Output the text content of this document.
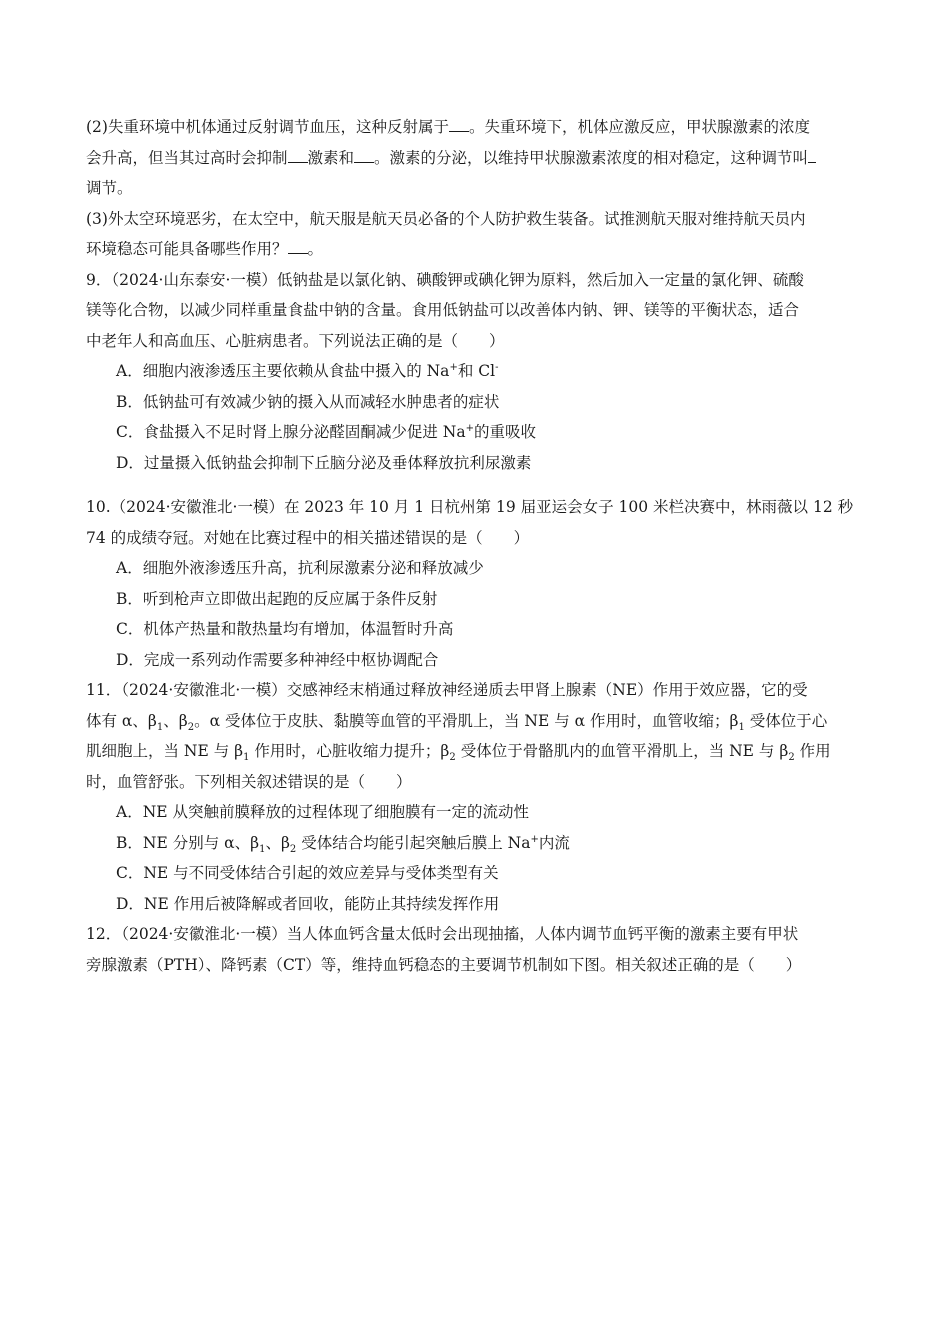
(2)失重环境中机体通过反射调节血压，这种反射属于 。失重环境下，机体应激反应，甲状腺激素的浓度
会升高，但当其过高时会抑制 激素和 。激素的分泌，以维持甲状腺激素浓度的相对稳定，这种调节叫
调节。

(3)外太空环境恶劣，在太空中，航天服是航天员必备的个人防护救生装备。试推测航天服对维持航天员内
环境稳态可能具备哪些作用？ 。

9．（2024·山东泰安·一模）低钠盐是以氯化钠、碘酸钾或碘化钾为原料，然后加入一定量的氯化钾、硫酸
镁等化合物，以减少同样重量食盐中钠的含量。食用低钠盐可以改善体内钠、钾、镁等的平衡状态，适合
中老年人和高血压、心脏病患者。下列说法正确的是（　　）

A．细胞内液渗透压主要依赖从食盐中摄入的 Na+和 Cl-

B．低钠盐可有效减少钠的摄入从而减轻水肿患者的症状

C．食盐摄入不足时肾上腺分泌醛固酮减少促进 Na+的重吸收

D．过量摄入低钠盐会抑制下丘脑分泌及垂体释放抗利尿激素

10.（2024·安徽淮北·一模）在 2023 年 10 月 1 日杭州第 19 届亚运会女子 100 米栏决赛中，林雨薇以 12 秒
74 的成绩夺冠。对她在比赛过程中的相关描述错误的是（　　）

A．细胞外液渗透压升高，抗利尿激素分泌和释放减少

B．听到枪声立即做出起跑的反应属于条件反射

C．机体产热量和散热量均有增加，体温暂时升高

D．完成一系列动作需要多种神经中枢协调配合

11．（2024·安徽淮北·一模）交感神经末梢通过释放神经递质去甲肾上腺素（NE）作用于效应器，它的受
体有 α、$\beta_1$、$\beta_2$。α 受体位于皮肤、黏膜等血管的平滑肌上，当 NE 与 α 作用时，血管收缩；$\beta_1$ 受体位于心
肌细胞上，当 NE 与 $\beta_1$ 作用时，心脏收缩力提升；$\beta_2$ 受体位于骨骼肌内的血管平滑肌上，当 NE 与 $\beta_2$ 作用
时，血管舒张。下列相关叙述错误的是（　　）

A．NE 从突触前膜释放的过程体现了细胞膜有一定的流动性

B．NE 分别与 α、$\beta_1$、$\beta_2$ 受体结合均能引起突触后膜上 Na+内流

C．NE 与不同受体结合引起的效应差异与受体类型有关

D．NE 作用后被降解或者回收，能防止其持续发挥作用

12．（2024·安徽淮北·一模）当人体血钙含量太低时会出现抽搐，人体内调节血钙平衡的激素主要有甲状
旁腺激素（PTH）、降钙素（CT）等，维持血钙稳态的主要调节机制如下图。相关叙述正确的是（　　）
